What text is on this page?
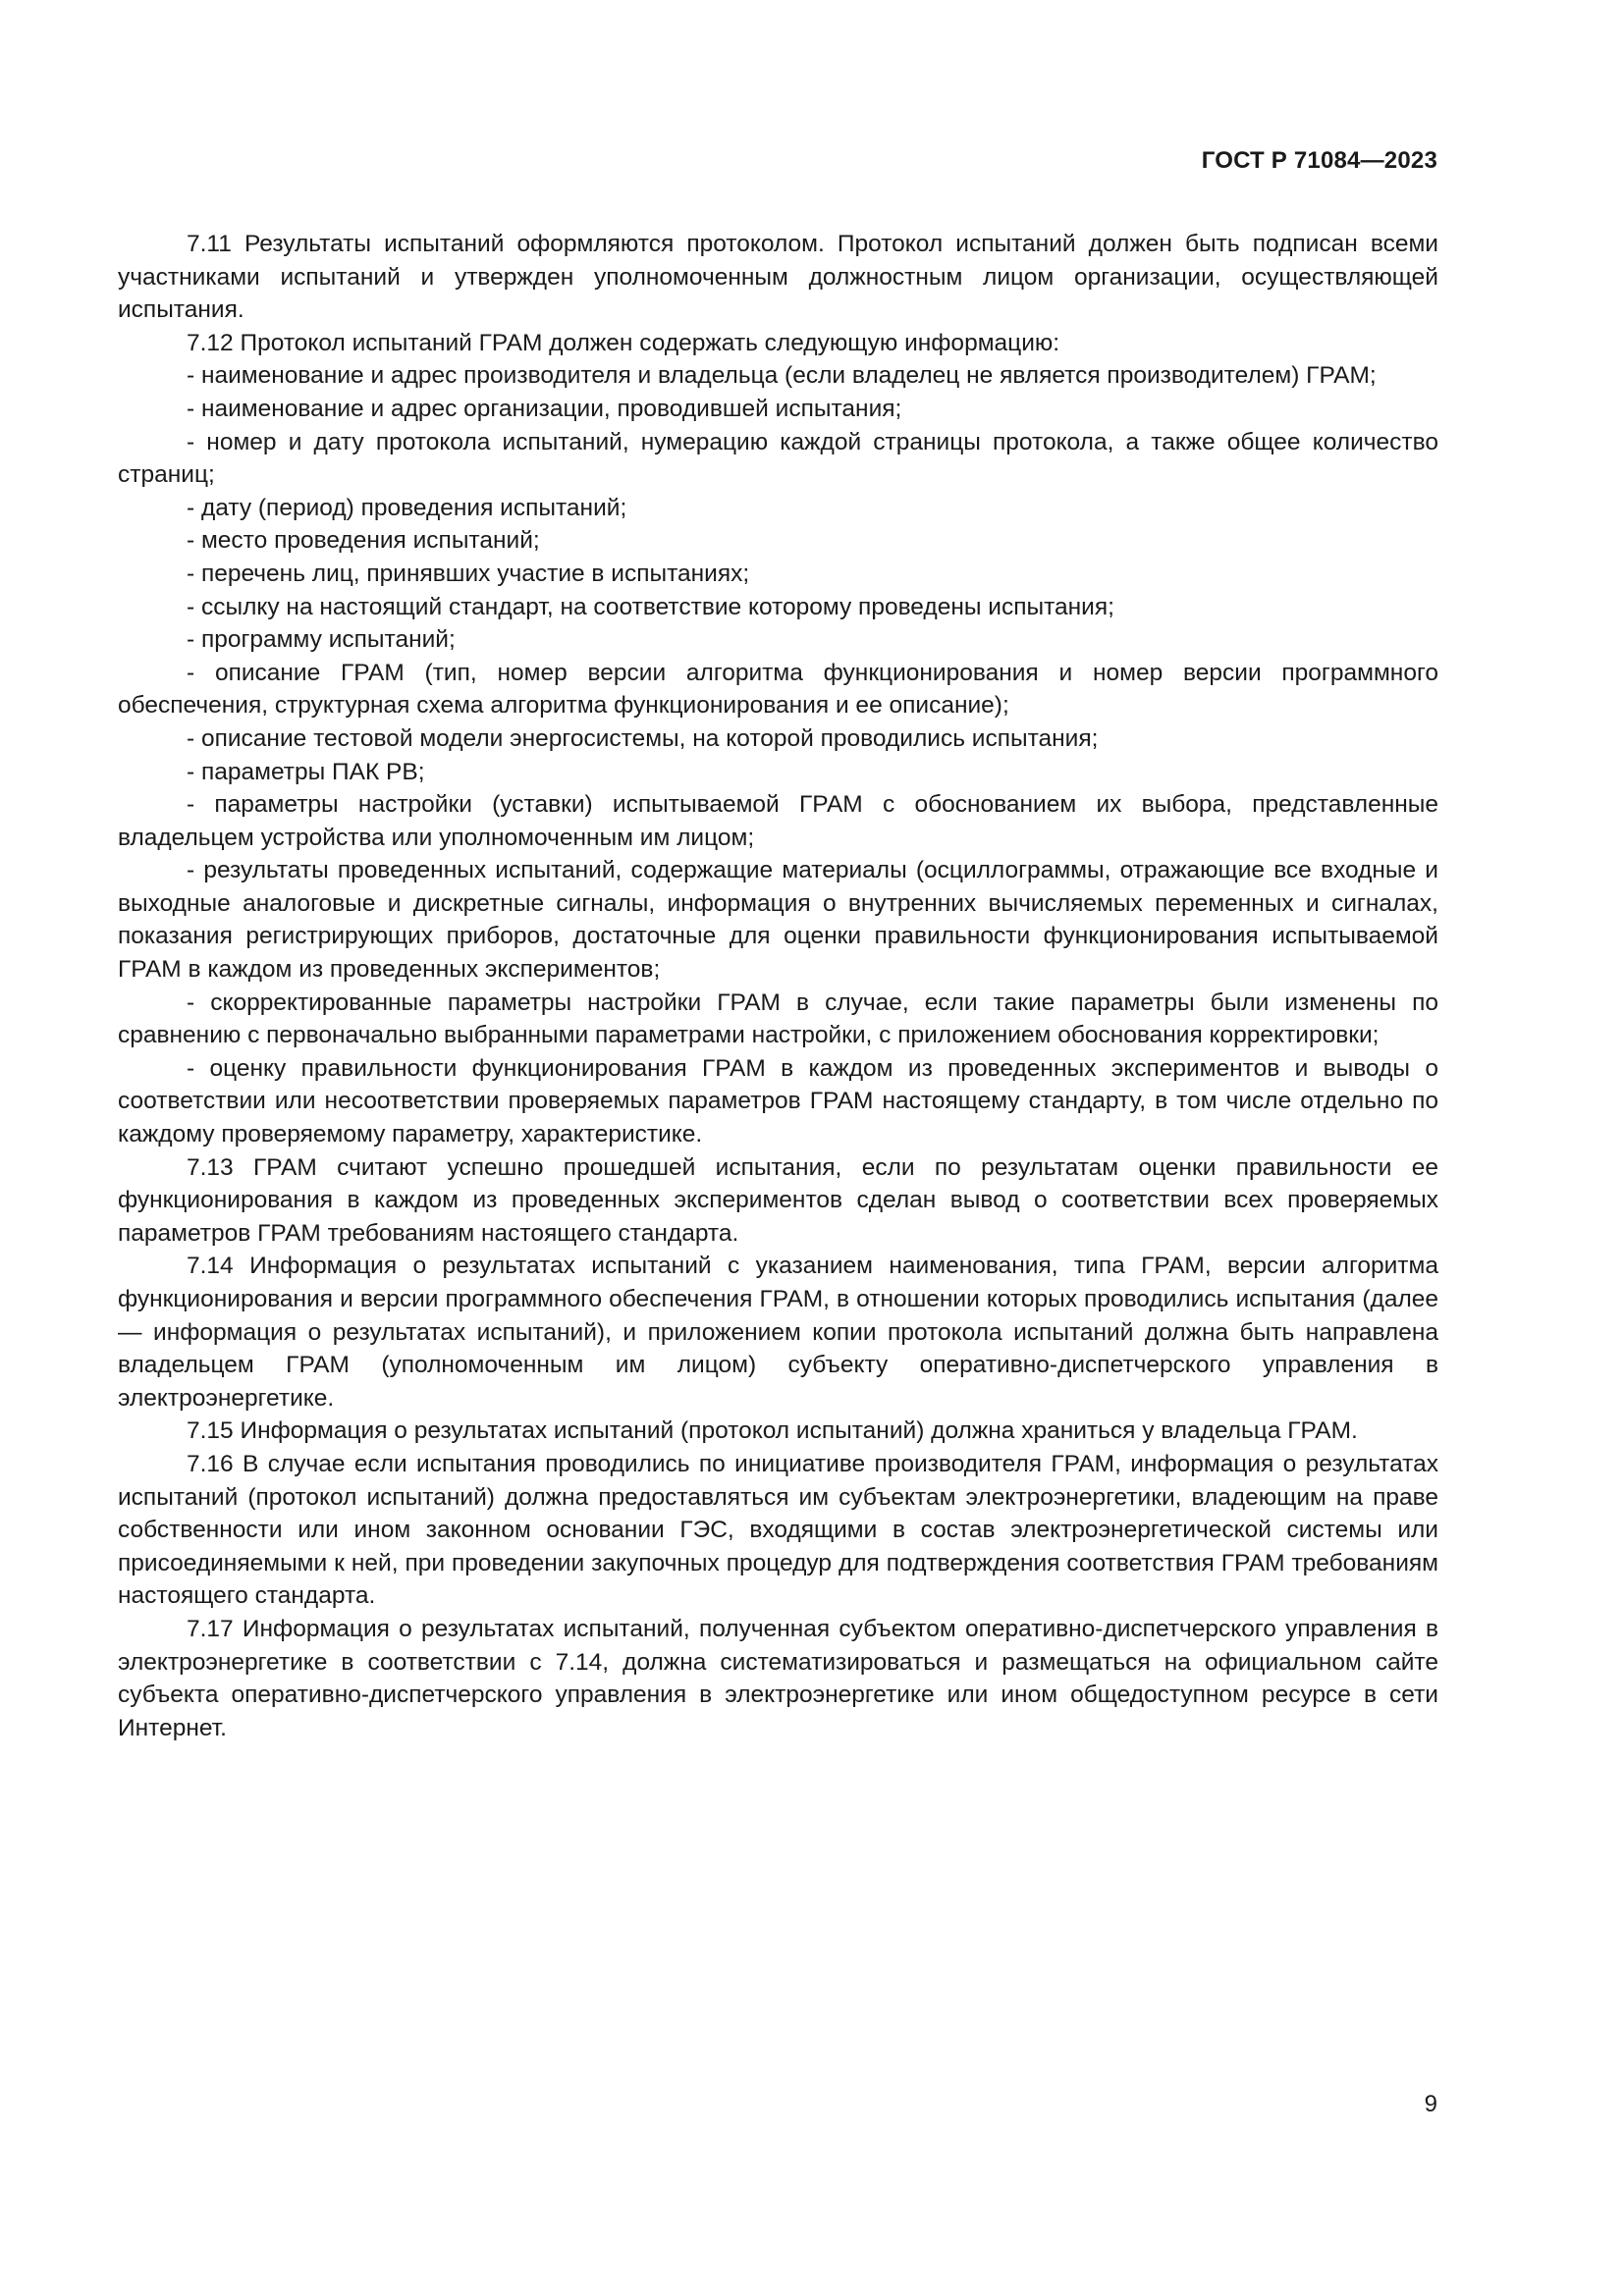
ГОСТ Р 71084—2023

7.11 Результаты испытаний оформляются протоколом. Протокол испытаний должен быть подписан всеми участниками испытаний и утвержден уполномоченным должностным лицом организации, осуществляющей испытания.

7.12 Протокол испытаний ГРАМ должен содержать следующую информацию:

- наименование и адрес производителя и владельца (если владелец не является производителем) ГРАМ;

- наименование и адрес организации, проводившей испытания;

- номер и дату протокола испытаний, нумерацию каждой страницы протокола, а также общее количество страниц;

- дату (период) проведения испытаний;

- место проведения испытаний;

- перечень лиц, принявших участие в испытаниях;

- ссылку на настоящий стандарт, на соответствие которому проведены испытания;

- программу испытаний;

- описание ГРАМ (тип, номер версии алгоритма функционирования и номер версии программного обеспечения, структурная схема алгоритма функционирования и ее описание);

- описание тестовой модели энергосистемы, на которой проводились испытания;

- параметры ПАК РВ;

- параметры настройки (уставки) испытываемой ГРАМ с обоснованием их выбора, представленные владельцем устройства или уполномоченным им лицом;

- результаты проведенных испытаний, содержащие материалы (осциллограммы, отражающие все входные и выходные аналоговые и дискретные сигналы, информация о внутренних вычисляемых переменных и сигналах, показания регистрирующих приборов, достаточные для оценки правильности функционирования испытываемой ГРАМ в каждом из проведенных экспериментов;

- скорректированные параметры настройки ГРАМ в случае, если такие параметры были изменены по сравнению с первоначально выбранными параметрами настройки, с приложением обоснования корректировки;

- оценку правильности функционирования ГРАМ в каждом из проведенных экспериментов и выводы о соответствии или несоответствии проверяемых параметров ГРАМ настоящему стандарту, в том числе отдельно по каждому проверяемому параметру, характеристике.

7.13 ГРАМ считают успешно прошедшей испытания, если по результатам оценки правильности ее функционирования в каждом из проведенных экспериментов сделан вывод о соответствии всех проверяемых параметров ГРАМ требованиям настоящего стандарта.

7.14 Информация о результатах испытаний с указанием наименования, типа ГРАМ, версии алгоритма функционирования и версии программного обеспечения ГРАМ, в отношении которых проводились испытания (далее — информация о результатах испытаний), и приложением копии протокола испытаний должна быть направлена владельцем ГРАМ (уполномоченным им лицом) субъекту оперативно-диспетчерского управления в электроэнергетике.

7.15 Информация о результатах испытаний (протокол испытаний) должна храниться у владельца ГРАМ.

7.16 В случае если испытания проводились по инициативе производителя ГРАМ, информация о результатах испытаний (протокол испытаний) должна предоставляться им субъектам электроэнергетики, владеющим на праве собственности или ином законном основании ГЭС, входящими в состав электроэнергетической системы или присоединяемыми к ней, при проведении закупочных процедур для подтверждения соответствия ГРАМ требованиям настоящего стандарта.

7.17 Информация о результатах испытаний, полученная субъектом оперативно-диспетчерского управления в электроэнергетике в соответствии с 7.14, должна систематизироваться и размещаться на официальном сайте субъекта оперативно-диспетчерского управления в электроэнергетике или ином общедоступном ресурсе в сети Интернет.

9
